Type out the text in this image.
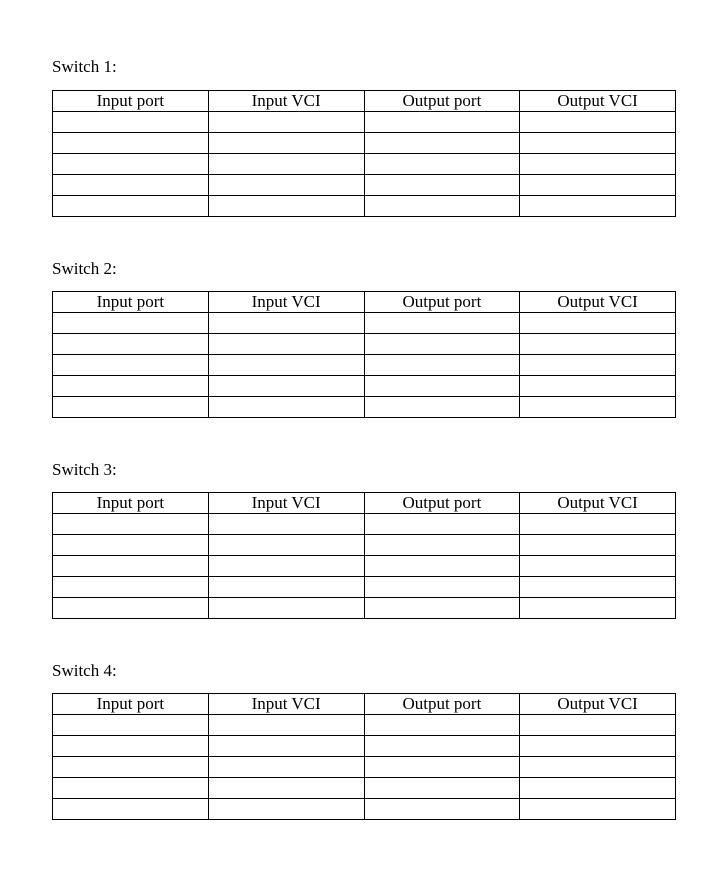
Switch 1:

Input port	Input VCI	Output port	Output VCI

Switch 2:

Input port	Input VCI	Output port	Output VCI

Switch 3:

Input port	Input VCI	Output port	Output VCI

Switch 4:

Input port	Input VCI	Output port	Output VCI
